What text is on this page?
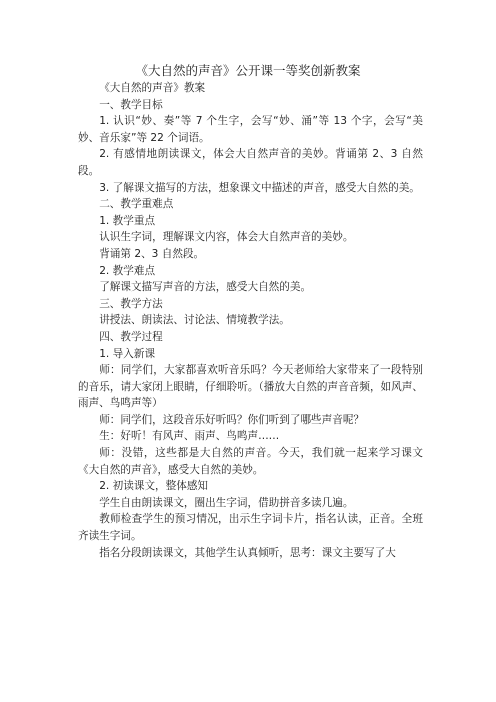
《大自然的声音》公开课一等奖创新教案

《大自然的声音》教案

一、教学目标

1. 认识“妙、奏”等 7 个生字，会写“妙、涌”等 13 个字，会写“美妙、音乐家”等 22 个词语。

2. 有感情地朗读课文，体会大自然声音的美妙。背诵第 2、3 自然段。

3. 了解课文描写的方法，想象课文中描述的声音，感受大自然的美。

二、教学重难点

1. 教学重点

认识生字词，理解课文内容，体会大自然声音的美妙。

背诵第 2、3 自然段。

2. 教学难点

了解课文描写声音的方法，感受大自然的美。

三、教学方法

讲授法、朗读法、讨论法、情境教学法。

四、教学过程

1. 导入新课

师：同学们，大家都喜欢听音乐吗？今天老师给大家带来了一段特别的音乐，请大家闭上眼睛，仔细聆听。（播放大自然的声音音频，如风声、雨声、鸟鸣声等）

师：同学们，这段音乐好听吗？你们听到了哪些声音呢？

生：好听！有风声、雨声、鸟鸣声……

师：没错，这些都是大自然的声音。今天，我们就一起来学习课文《大自然的声音》，感受大自然的美妙。

2. 初读课文，整体感知

学生自由朗读课文，圈出生字词，借助拼音多读几遍。

教师检查学生的预习情况，出示生字词卡片，指名认读，正音。全班齐读生字词。

指名分段朗读课文，其他学生认真倾听，思考：课文主要写了大
